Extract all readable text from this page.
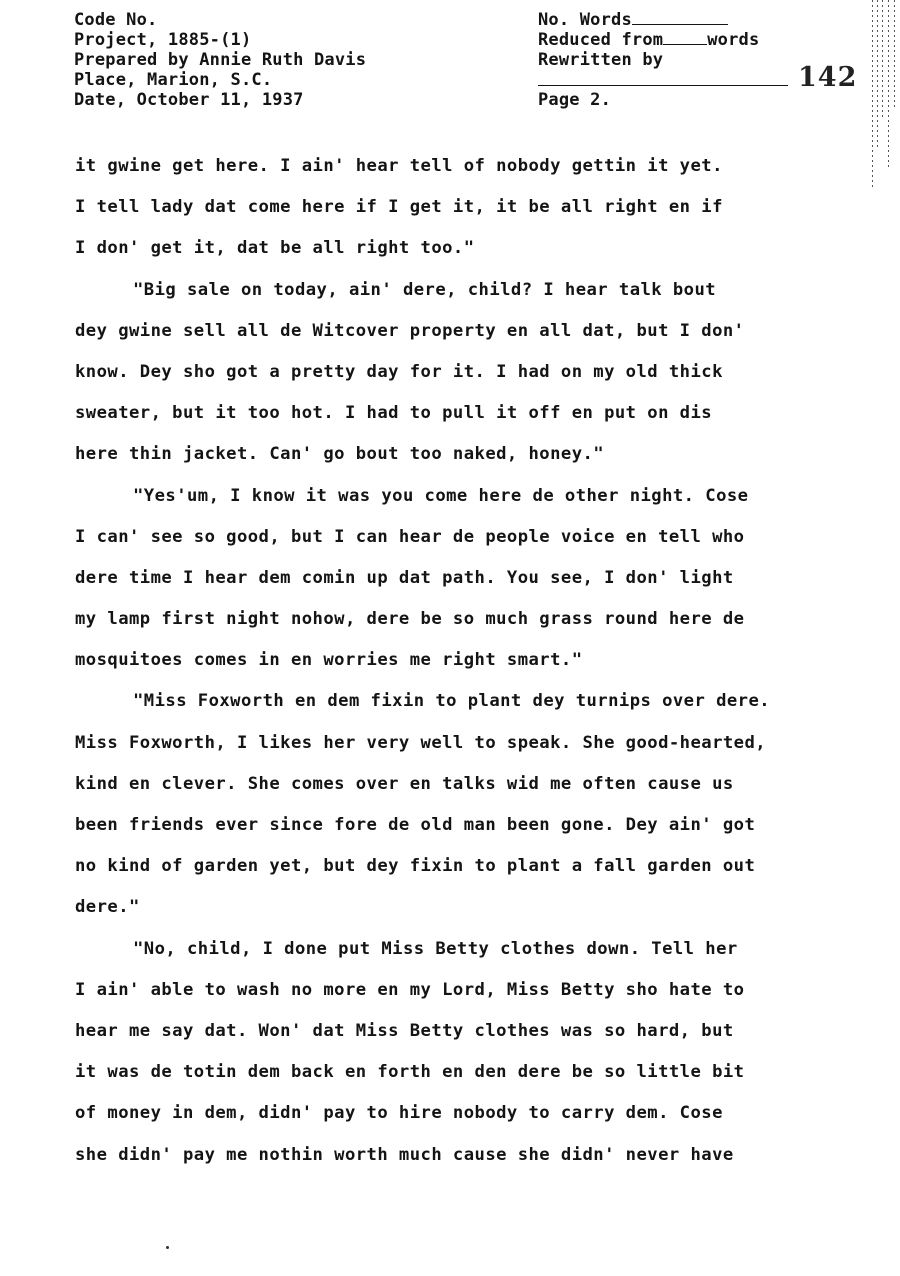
Code No.
Project, 1885-(1)
Prepared by Annie Ruth Davis
Place, Marion, S.C.
Date, October 11, 1937
No. Words
Reduced from	words
Rewritten by
Page 2.
142
it gwine get here. I ain' hear tell of nobody gettin it yet.
I tell lady dat come here if I get it, it be all right en if
I don' get it, dat be all right too."
"Big sale on today, ain' dere, child? I hear talk bout
dey gwine sell all de Witcover property en all dat, but I don'
know. Dey sho got a pretty day for it. I had on my old thick
sweater, but it too hot. I had to pull it off en put on dis
here thin jacket. Can' go bout too naked, honey."
"Yes'um, I know it was you come here de other night. Cose
I can' see so good, but I can hear de people voice en tell who
dere time I hear dem comin up dat path. You see, I don' light
my lamp first night nohow, dere be so much grass round here de
mosquitoes comes in en worries me right smart."
"Miss Foxworth en dem fixin to plant dey turnips over dere.
Miss Foxworth, I likes her very well to speak. She good-hearted,
kind en clever. She comes over en talks wid me often cause us
been friends ever since fore de old man been gone. Dey ain' got
no kind of garden yet, but dey fixin to plant a fall garden out
dere."
"No, child, I done put Miss Betty clothes down. Tell her
I ain' able to wash no more en my Lord, Miss Betty sho hate to
hear me say dat. Won' dat Miss Betty clothes was so hard, but
it was de totin dem back en forth en den dere be so little bit
of money in dem, didn' pay to hire nobody to carry dem. Cose
she didn' pay me nothin worth much cause she didn' never have
